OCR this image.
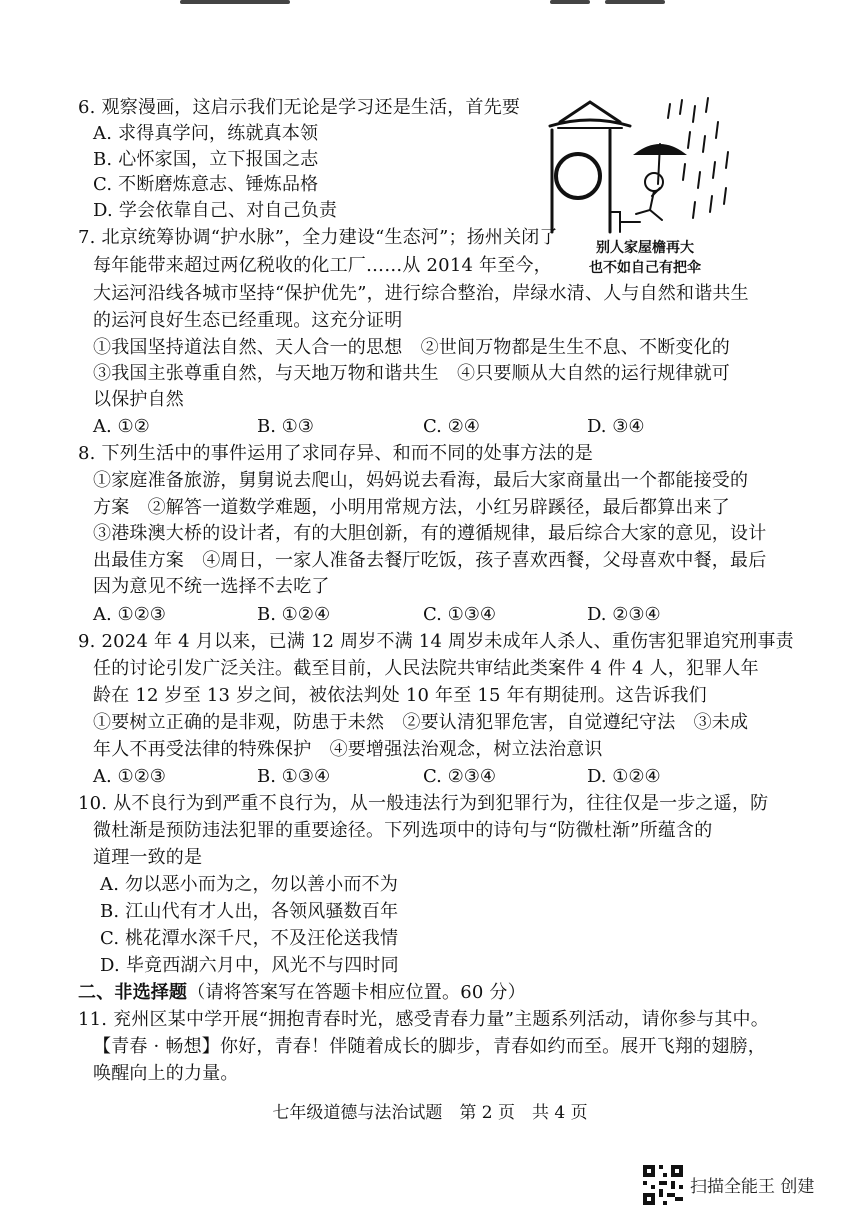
6. 观察漫画，这启示我们无论是学习还是生活，首先要
A. 求得真学问，练就真本领
B. 心怀家国，立下报国之志
C. 不断磨炼意志、锤炼品格
D. 学会依靠自己、对自己负责
别人家屋檐再大
也不如自己有把伞
7. 北京统筹协调“护水脉”，全力建设“生态河”；扬州关闭了
每年能带来超过两亿税收的化工厂……从 2014 年至今，
大运河沿线各城市坚持“保护优先”，进行综合整治，岸绿水清、人与自然和谐共生
的运河良好生态已经重现。这充分证明
①我国坚持道法自然、天人合一的思想　②世间万物都是生生不息、不断变化的
③我国主张尊重自然，与天地万物和谐共生　④只要顺从大自然的运行规律就可
以保护自然
A. ①②	B. ①③	C. ②④	D. ③④
8. 下列生活中的事件运用了求同存异、和而不同的处事方法的是
①家庭准备旅游，舅舅说去爬山，妈妈说去看海，最后大家商量出一个都能接受的
方案　②解答一道数学难题，小明用常规方法，小红另辟蹊径，最后都算出来了
③港珠澳大桥的设计者，有的大胆创新，有的遵循规律，最后综合大家的意见，设计
出最佳方案　④周日，一家人准备去餐厅吃饭，孩子喜欢西餐，父母喜欢中餐，最后
因为意见不统一选择不去吃了
A. ①②③	B. ①②④	C. ①③④	D. ②③④
9. 2024 年 4 月以来，已满 12 周岁不满 14 周岁未成年人杀人、重伤害犯罪追究刑事责
任的讨论引发广泛关注。截至目前，人民法院共审结此类案件 4 件 4 人，犯罪人年
龄在 12 岁至 13 岁之间，被依法判处 10 年至 15 年有期徒刑。这告诉我们
①要树立正确的是非观，防患于未然　②要认清犯罪危害，自觉遵纪守法　③未成
年人不再受法律的特殊保护　④要增强法治观念，树立法治意识
A. ①②③	B. ①③④	C. ②③④	D. ①②④
10. 从不良行为到严重不良行为，从一般违法行为到犯罪行为，往往仅是一步之遥，防
微杜渐是预防违法犯罪的重要途径。下列选项中的诗句与“防微杜渐”所蕴含的
道理一致的是
A. 勿以恶小而为之，勿以善小而不为
B. 江山代有才人出，各领风骚数百年
C. 桃花潭水深千尺，不及汪伦送我情
D. 毕竟西湖六月中，风光不与四时同
二、非选择题（请将答案写在答题卡相应位置。60 分）
11. 兖州区某中学开展“拥抱青春时光，感受青春力量”主题系列活动，请你参与其中。
【青春 · 畅想】你好，青春！伴随着成长的脚步，青春如约而至。展开飞翔的翅膀，
唤醒向上的力量。
七年级道德与法治试题　第 2 页　共 4 页
扫描全能王 创建
